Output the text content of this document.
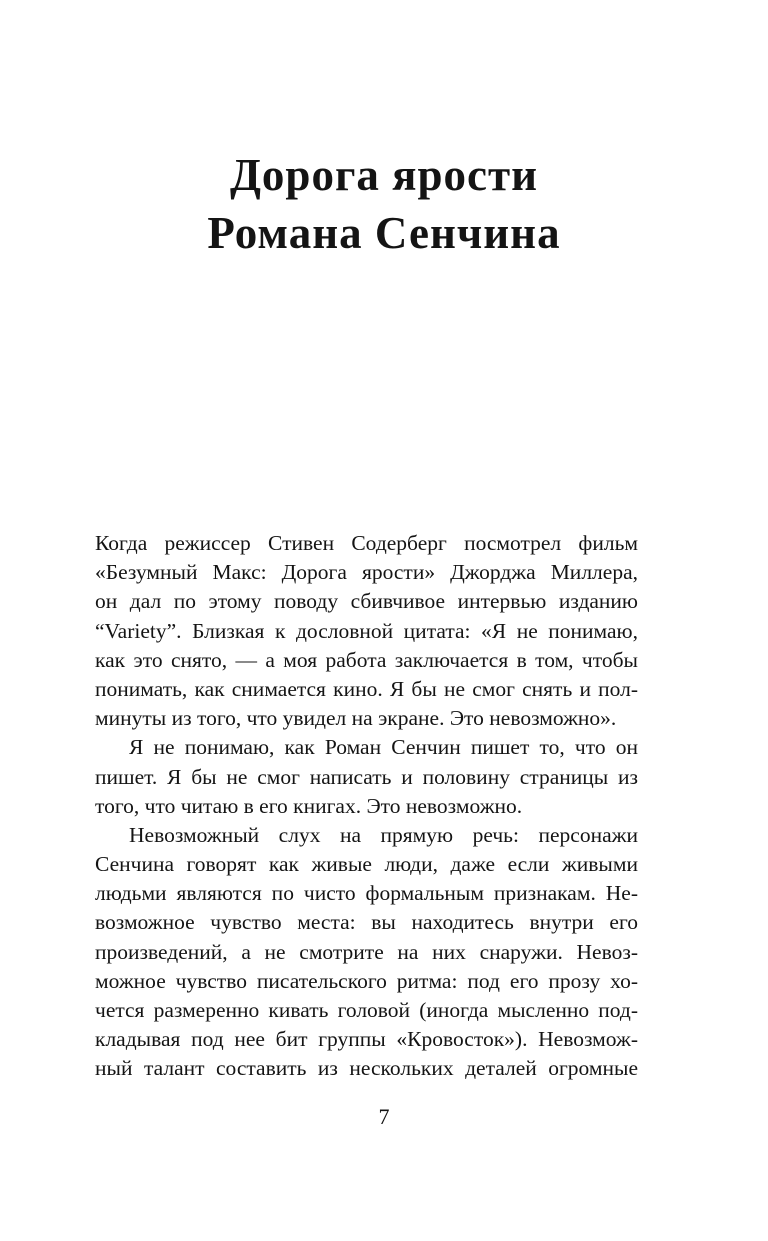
Дорога ярости
Романа Сенчина
Когда режиссер Стивен Содерберг посмотрел фильм
«Безумный Макс: Дорога ярости» Джорджа Миллера,
он дал по этому поводу сбивчивое интервью изданию
“Variety”. Близкая к дословной цитата: «Я не понимаю,
как это снято, — а моя работа заключается в том, чтобы
понимать, как снимается кино. Я бы не смог снять и пол-
минуты из того, что увидел на экране. Это невозможно».
Я не понимаю, как Роман Сенчин пишет то, что он
пишет. Я бы не смог написать и половину страницы из
того, что читаю в его книгах. Это невозможно.
Невозможный слух на прямую речь: персонажи
Сенчина говорят как живые люди, даже если живыми
людьми являются по чисто формальным признакам. Не-
возможное чувство места: вы находитесь внутри его
произведений, а не смотрите на них снаружи. Невоз-
можное чувство писательского ритма: под его прозу хо-
чется размеренно кивать головой (иногда мысленно под-
кладывая под нее бит группы «Кровосток»). Невозмож-
ный талант составить из нескольких деталей огромные
7
